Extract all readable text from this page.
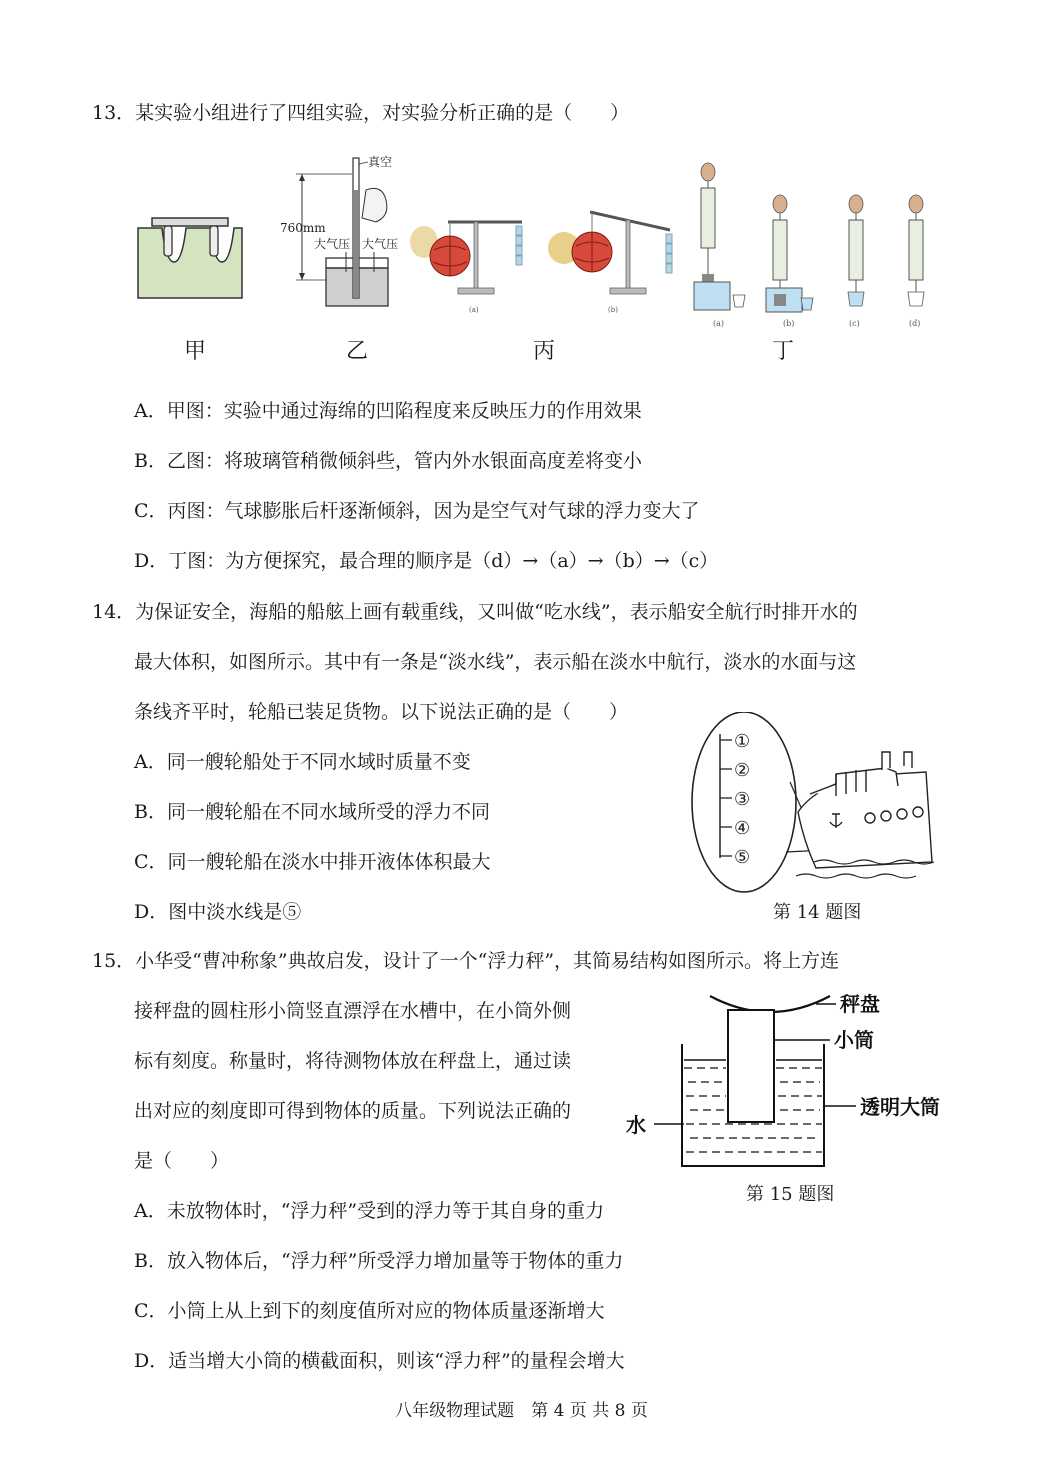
13．某实验小组进行了四组实验，对实验分析正确的是（　　）
真空
760mm
大气压 大气压
(a)	(b)
(a)	(b)	(c)	(d)
甲	乙	丙	丁
A．甲图：实验中通过海绵的凹陷程度来反映压力的作用效果
B．乙图：将玻璃管稍微倾斜些，管内外水银面高度差将变小
C．丙图：气球膨胀后杆逐渐倾斜，因为是空气对气球的浮力变大了
D．丁图：为方便探究，最合理的顺序是（d）→（a）→（b）→（c）
14．为保证安全，海船的船舷上画有载重线，又叫做“吃水线”，表示船安全航行时排开水的
最大体积，如图所示。其中有一条是“淡水线”，表示船在淡水中航行，淡水的水面与这
条线齐平时，轮船已装足货物。以下说法正确的是（　　）
A．同一艘轮船处于不同水域时质量不变
B．同一艘轮船在不同水域所受的浮力不同
C．同一艘轮船在淡水中排开液体体积最大
D．图中淡水线是⑤
①
②
③
④
⑤
第 14 题图
15．小华受“曹冲称象”典故启发，设计了一个“浮力秤”，其简易结构如图所示。将上方连
接秤盘的圆柱形小筒竖直漂浮在水槽中，在小筒外侧
标有刻度。称量时，将待测物体放在秤盘上，通过读
出对应的刻度即可得到物体的质量。下列说法正确的
是（　　）
秤盘
小筒
透明大筒
水
第 15 题图
A．未放物体时，“浮力秤”受到的浮力等于其自身的重力
B．放入物体后，“浮力秤”所受浮力增加量等于物体的重力
C．小筒上从上到下的刻度值所对应的物体质量逐渐增大
D．适当增大小筒的横截面积，则该“浮力秤”的量程会增大
八年级物理试题　第 4 页 共 8 页
